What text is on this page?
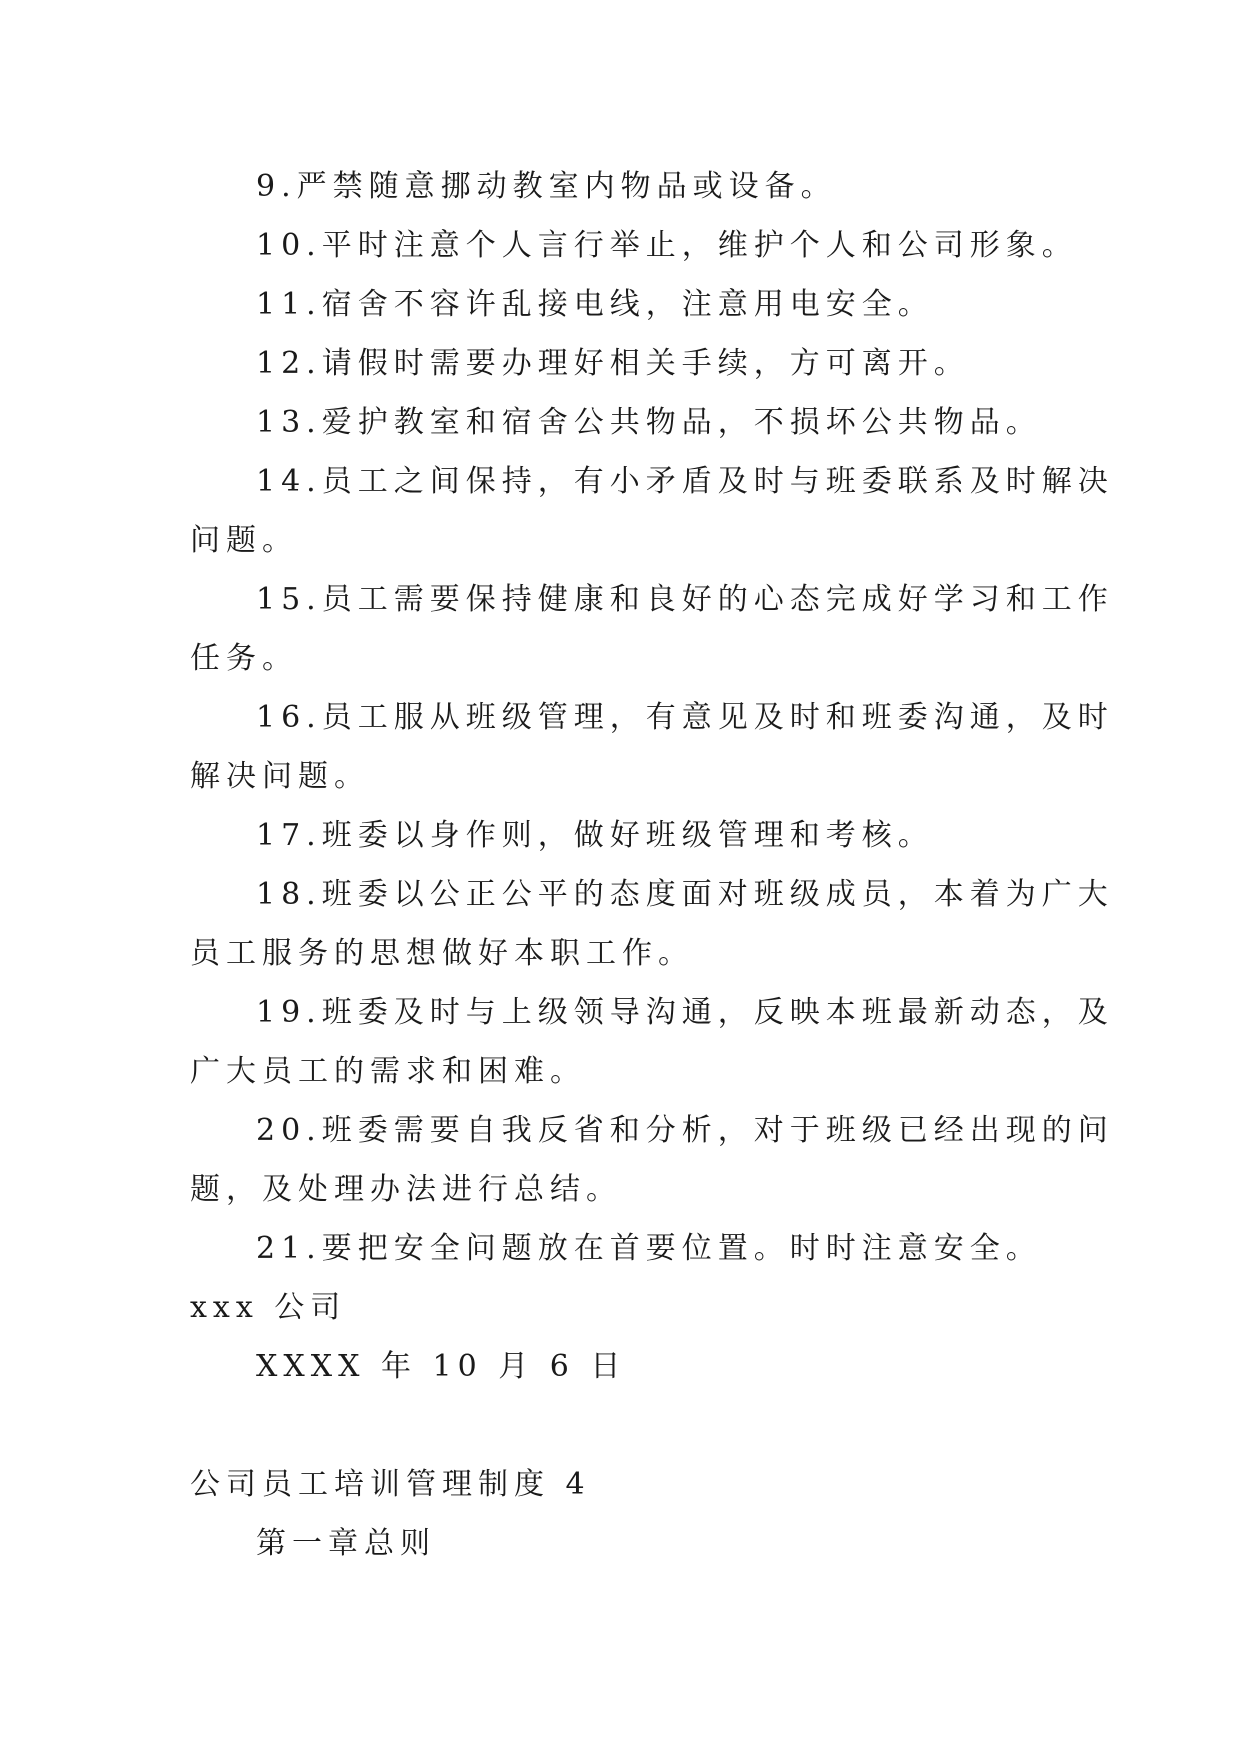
9.严禁随意挪动教室内物品或设备。
10.平时注意个人言行举止，维护个人和公司形象。
11.宿舍不容许乱接电线，注意用电安全。
12.请假时需要办理好相关手续，方可离开。
13.爱护教室和宿舍公共物品，不损坏公共物品。
14.员工之间保持，有小矛盾及时与班委联系及时解决
问题。
15.员工需要保持健康和良好的心态完成好学习和工作
任务。
16.员工服从班级管理，有意见及时和班委沟通，及时
解决问题。
17.班委以身作则，做好班级管理和考核。
18.班委以公正公平的态度面对班级成员，本着为广大
员工服务的思想做好本职工作。
19.班委及时与上级领导沟通，反映本班最新动态，及
广大员工的需求和困难。
20.班委需要自我反省和分析，对于班级已经出现的问
题，及处理办法进行总结。
21.要把安全问题放在首要位置。时时注意安全。
xxx 公司
XXXX 年 10 月 6 日
公司员工培训管理制度 4
第一章总则
